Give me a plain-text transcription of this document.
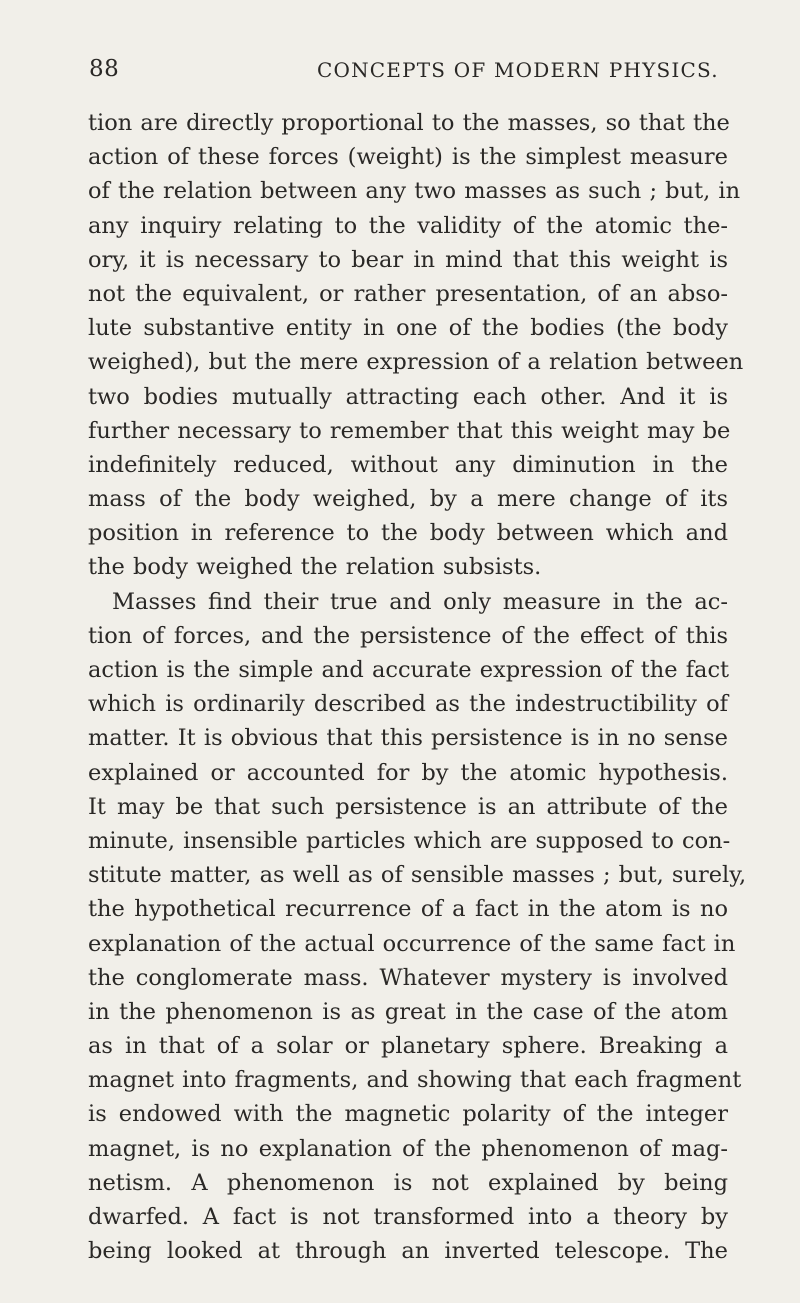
88	CONCEPTS OF MODERN PHYSICS.
tion are directly proportional to the masses, so that the
action of these forces (weight) is the simplest measure
of the relation between any two masses as such ; but, in
any inquiry relating to the validity of the atomic the-
ory, it is necessary to bear in mind that this weight is
not the equivalent, or rather presentation, of an abso-
lute substantive entity in one of the bodies (the body
weighed), but the mere expression of a relation between
two bodies mutually attracting each other. And it is
further necessary to remember that this weight may be
indefinitely reduced, without any diminution in the
mass of the body weighed, by a mere change of its
position in reference to the body between which and
the body weighed the relation subsists.
Masses find their true and only measure in the ac-
tion of forces, and the persistence of the effect of this
action is the simple and accurate expression of the fact
which is ordinarily described as the indestructibility of
matter. It is obvious that this persistence is in no sense
explained or accounted for by the atomic hypothesis.
It may be that such persistence is an attribute of the
minute, insensible particles which are supposed to con-
stitute matter, as well as of sensible masses ; but, surely,
the hypothetical recurrence of a fact in the atom is no
explanation of the actual occurrence of the same fact in
the conglomerate mass. Whatever mystery is involved
in the phenomenon is as great in the case of the atom
as in that of a solar or planetary sphere. Breaking a
magnet into fragments, and showing that each fragment
is endowed with the magnetic polarity of the integer
magnet, is no explanation of the phenomenon of mag-
netism. A phenomenon is not explained by being
dwarfed. A fact is not transformed into a theory by
being looked at through an inverted telescope. The
